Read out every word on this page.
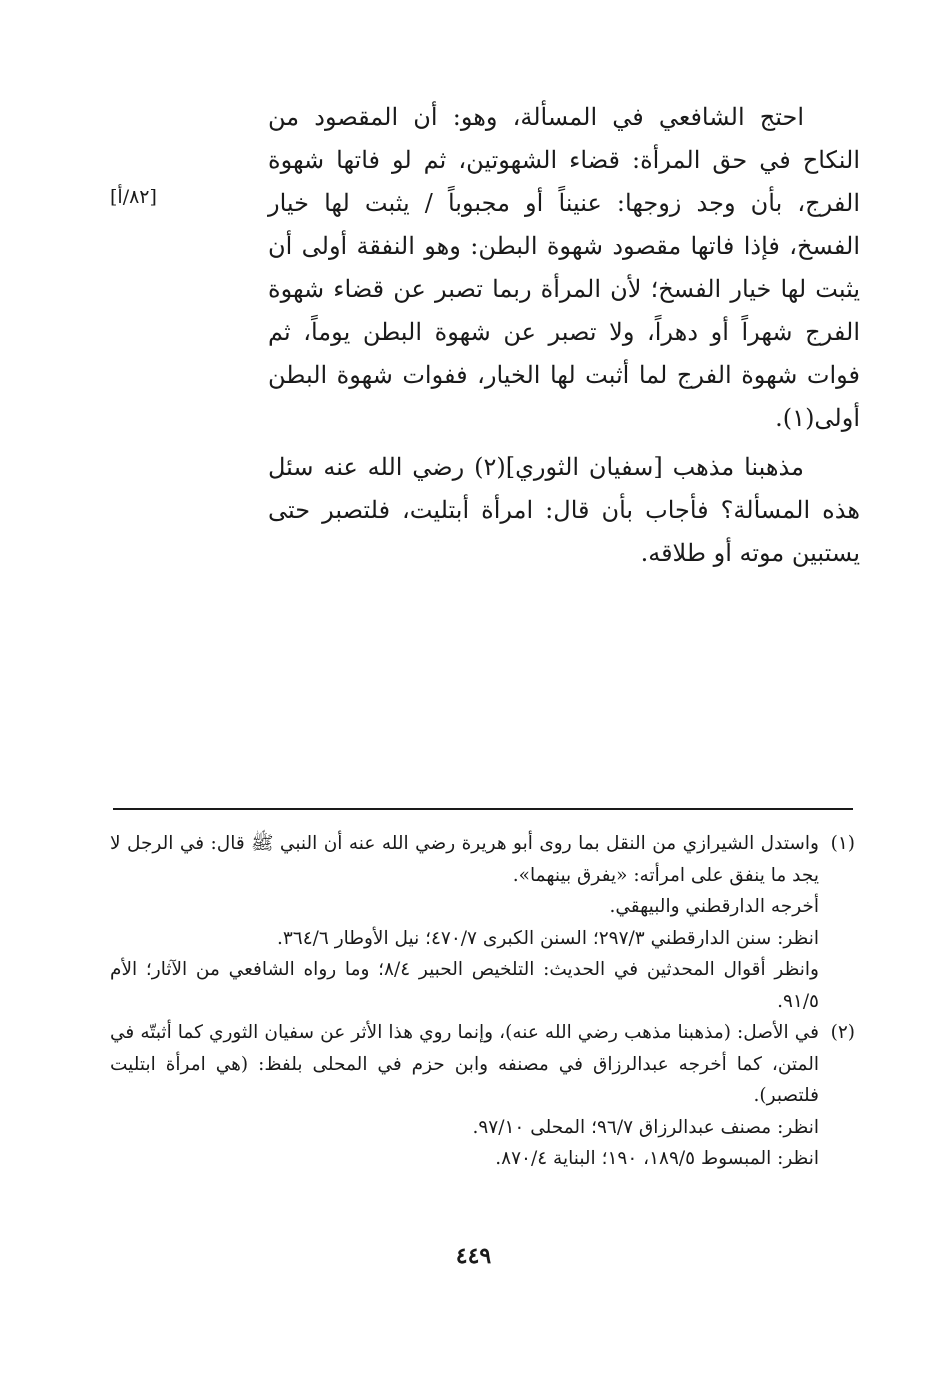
احتج الشافعي في المسألة، وهو: أن المقصود من النكاح في حق المرأة: قضاء الشهوتين، ثم لو فاتها شهوة الفرج، بأن وجد زوجها: عنيناً أو مجبوباً / يثبت لها خيار الفسخ، فإذا فاتها مقصود شهوة البطن: وهو النفقة أولى أن يثبت لها خيار الفسخ؛ لأن المرأة ربما تصبر عن قضاء شهوة الفرج شهراً أو دهراً، ولا تصبر عن شهوة البطن يوماً، ثم فوات شهوة الفرج لما أثبت لها الخيار، ففوات شهوة البطن أولى(١).

مذهبنا مذهب [سفيان الثوري](٢) رضي الله عنه سئل هذه المسألة؟ فأجاب بأن قال: امرأة أبتليت، فلتصبر حتى يستبين موته أو طلاقه.

[٨٢/أ]
(١)

واستدل الشيرازي من النقل بما روى أبو هريرة رضي الله عنه أن النبي ﷺ قال: في الرجل لا يجد ما ينفق على امرأته: «يفرق بينهما».

أخرجه الدارقطني والبيهقي.

انظر: سنن الدارقطني ٢٩٧/٣؛ السنن الكبرى ٤٧٠/٧؛ نيل الأوطار ٣٦٤/٦.

وانظر أقوال المحدثين في الحديث: التلخيص الحبير ٨/٤؛ وما رواه الشافعي من الآثار؛ الأم ٩١/٥.

(٢)

في الأصل: (مذهبنا مذهب رضي الله عنه)، وإنما روي هذا الأثر عن سفيان الثوري كما أثبتّه في المتن، كما أخرجه عبدالرزاق في مصنفه وابن حزم في المحلى بلفظ: (هي امرأة ابتليت فلتصبر).

انظر: مصنف عبدالرزاق ٩٦/٧؛ المحلى ٩٧/١٠.

انظر: المبسوط ١٨٩/٥، ١٩٠؛ البناية ٨٧٠/٤.

٤٤٩
